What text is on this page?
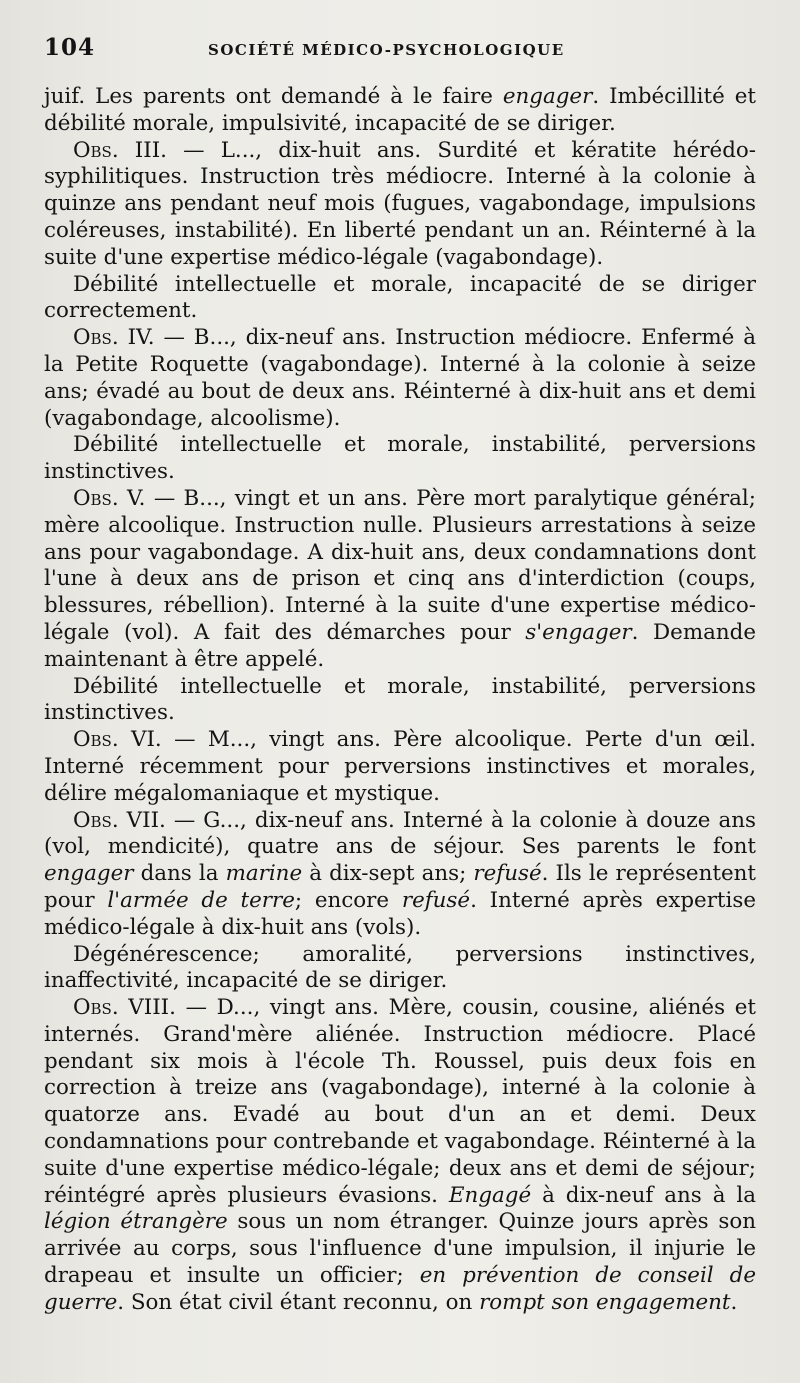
104	SOCIÉTÉ MÉDICO-PSYCHOLOGIQUE

juif. Les parents ont demandé à le faire engager. Imbécillité et débilité morale, impulsivité, incapacité de se diriger.

Obs. III. — L..., dix-huit ans. Surdité et kératite hérédo-syphilitiques. Instruction très médiocre. Interné à la colonie à quinze ans pendant neuf mois (fugues, vagabondage, impulsions coléreuses, instabilité). En liberté pendant un an. Réinterné à la suite d'une expertise médico-légale (vagabondage).

Débilité intellectuelle et morale, incapacité de se diriger correctement.

Obs. IV. — B..., dix-neuf ans. Instruction médiocre. Enfermé à la Petite Roquette (vagabondage). Interné à la colonie à seize ans; évadé au bout de deux ans. Réinterné à dix-huit ans et demi (vagabondage, alcoolisme).

Débilité intellectuelle et morale, instabilité, perversions instinctives.

Obs. V. — B..., vingt et un ans. Père mort paralytique général; mère alcoolique. Instruction nulle. Plusieurs arrestations à seize ans pour vagabondage. A dix-huit ans, deux condamnations dont l'une à deux ans de prison et cinq ans d'interdiction (coups, blessures, rébellion). Interné à la suite d'une expertise médico-légale (vol). A fait des démarches pour s'engager. Demande maintenant à être appelé.

Débilité intellectuelle et morale, instabilité, perversions instinctives.

Obs. VI. — M..., vingt ans. Père alcoolique. Perte d'un œil. Interné récemment pour perversions instinctives et morales, délire mégalomaniaque et mystique.

Obs. VII. — G..., dix-neuf ans. Interné à la colonie à douze ans (vol, mendicité), quatre ans de séjour. Ses parents le font engager dans la marine à dix-sept ans; refusé. Ils le représentent pour l'armée de terre; encore refusé. Interné après expertise médico-légale à dix-huit ans (vols).

Dégénérescence; amoralité, perversions instinctives, inaffectivité, incapacité de se diriger.

Obs. VIII. — D..., vingt ans. Mère, cousin, cousine, aliénés et internés. Grand'mère aliénée. Instruction médiocre. Placé pendant six mois à l'école Th. Roussel, puis deux fois en correction à treize ans (vagabondage), interné à la colonie à quatorze ans. Evadé au bout d'un an et demi. Deux condamnations pour contrebande et vagabondage. Réinterné à la suite d'une expertise médico-légale; deux ans et demi de séjour; réintégré après plusieurs évasions. Engagé à dix-neuf ans à la légion étrangère sous un nom étranger. Quinze jours après son arrivée au corps, sous l'influence d'une impulsion, il injurie le drapeau et insulte un officier; en prévention de conseil de guerre. Son état civil étant reconnu, on rompt son engagement.
